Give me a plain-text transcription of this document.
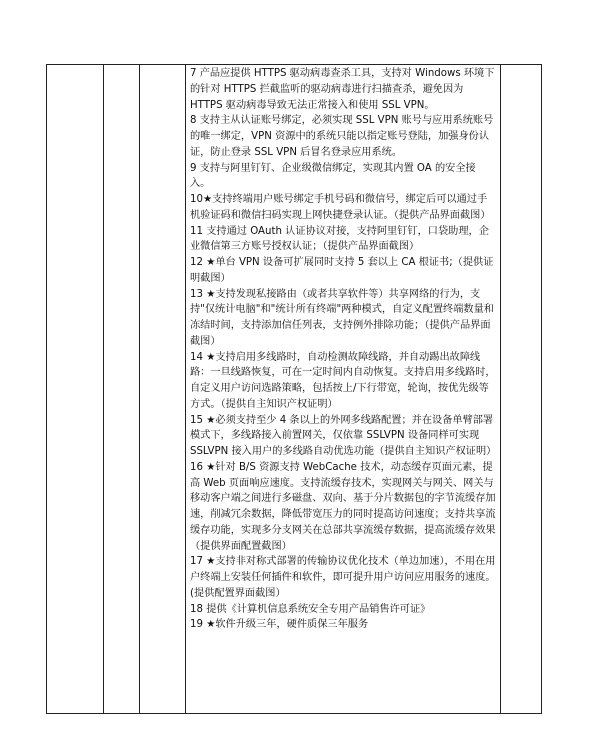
7 产品应提供 HTTPS 驱动病毒查杀工具，支持对 Windows 环境下的针对 HTTPS 拦截监听的驱动病毒进行扫描查杀，避免因为 HTTPS 驱动病毒导致无法正常接入和使用 SSL VPN。

8 支持主从认证账号绑定，必须实现 SSL VPN 账号与应用系统账号的唯一绑定，VPN 资源中的系统只能以指定账号登陆，加强身份认证，防止登录 SSL VPN 后冒名登录应用系统。

9 支持与阿里钉钉、企业级微信绑定，实现其内置 OA 的安全接入。

10★支持终端用户账号绑定手机号码和微信号，绑定后可以通过手机验证码和微信扫码实现上网快捷登录认证。（提供产品界面截图）

11 支持通过 OAuth 认证协议对接，支持阿里钉钉，口袋助理，企业微信第三方账号授权认证；（提供产品界面截图）

12 ★单台 VPN 设备可扩展同时支持 5 套以上 CA 根证书;（提供证明截图）

13 ★支持发现私接路由（或者共享软件等）共享网络的行为，支持"仅统计电脑"和"统计所有终端"两种模式，自定义配置终端数量和冻结时间，支持添加信任列表，支持例外排除功能；（提供产品界面截图）

14 ★支持启用多线路时，自动检测故障线路，并自动踢出故障线路：一旦线路恢复，可在一定时间内自动恢复。支持启用多线路时，自定义用户访问选路策略，包括按上/下行带宽，轮询，按优先级等方式。（提供自主知识产权证明）

15 ★必须支持至少 4 条以上的外网多线路配置；并在设备单臂部署模式下，多线路接入前置网关，仅依靠 SSLVPN 设备同样可实现 SSLVPN 接入用户的多线路自动优选功能（提供自主知识产权证明）

16 ★针对 B/S 资源支持 WebCache 技术，动态缓存页面元素，提高 Web 页面响应速度。支持流缓存技术，实现网关与网关、网关与移动客户端之间进行多磁盘、双向、基于分片数据包的字节流缓存加速，削减冗余数据，降低带宽压力的同时提高访问速度；支持共享流缓存功能，实现多分支网关在总部共享流缓存数据，提高流缓存效果（提供界面配置截图）

17 ★支持非对称式部署的传输协议优化技术（单边加速），不用在用户终端上安装任何插件和软件，即可提升用户访问应用服务的速度。(提供配置界面截图）

18 提供《计算机信息系统安全专用产品销售许可证》

19 ★软件升级三年，硬件质保三年服务
